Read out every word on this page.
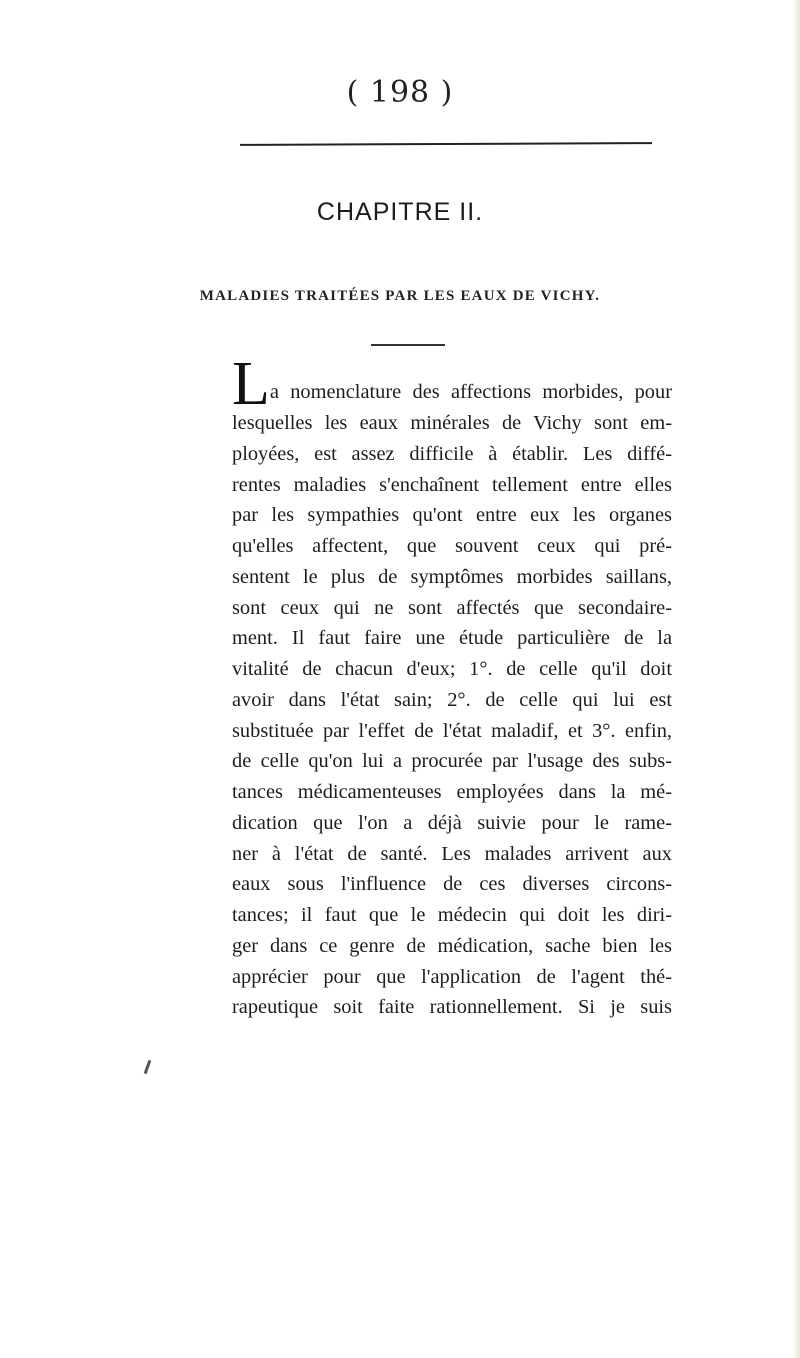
( 198 )
CHAPITRE II.
MALADIES TRAITÉES PAR LES EAUX DE VICHY.
La nomenclature des affections morbides, pour
lesquelles les eaux minérales de Vichy sont em-
ployées, est assez difficile à établir. Les diffé-
rentes maladies s'enchaînent tellement entre elles
par les sympathies qu'ont entre eux les organes
qu'elles affectent, que souvent ceux qui pré-
sentent le plus de symptômes morbides saillans,
sont ceux qui ne sont affectés que secondaire-
ment. Il faut faire une étude particulière de la
vitalité de chacun d'eux; 1°. de celle qu'il doit
avoir dans l'état sain; 2°. de celle qui lui est
substituée par l'effet de l'état maladif, et 3°. enfin,
de celle qu'on lui a procurée par l'usage des subs-
tances médicamenteuses employées dans la mé-
dication que l'on a déjà suivie pour le rame-
ner à l'état de santé. Les malades arrivent aux
eaux sous l'influence de ces diverses circons-
tances; il faut que le médecin qui doit les diri-
ger dans ce genre de médication, sache bien les
apprécier pour que l'application de l'agent thé-
rapeutique soit faite rationnellement. Si je suis
